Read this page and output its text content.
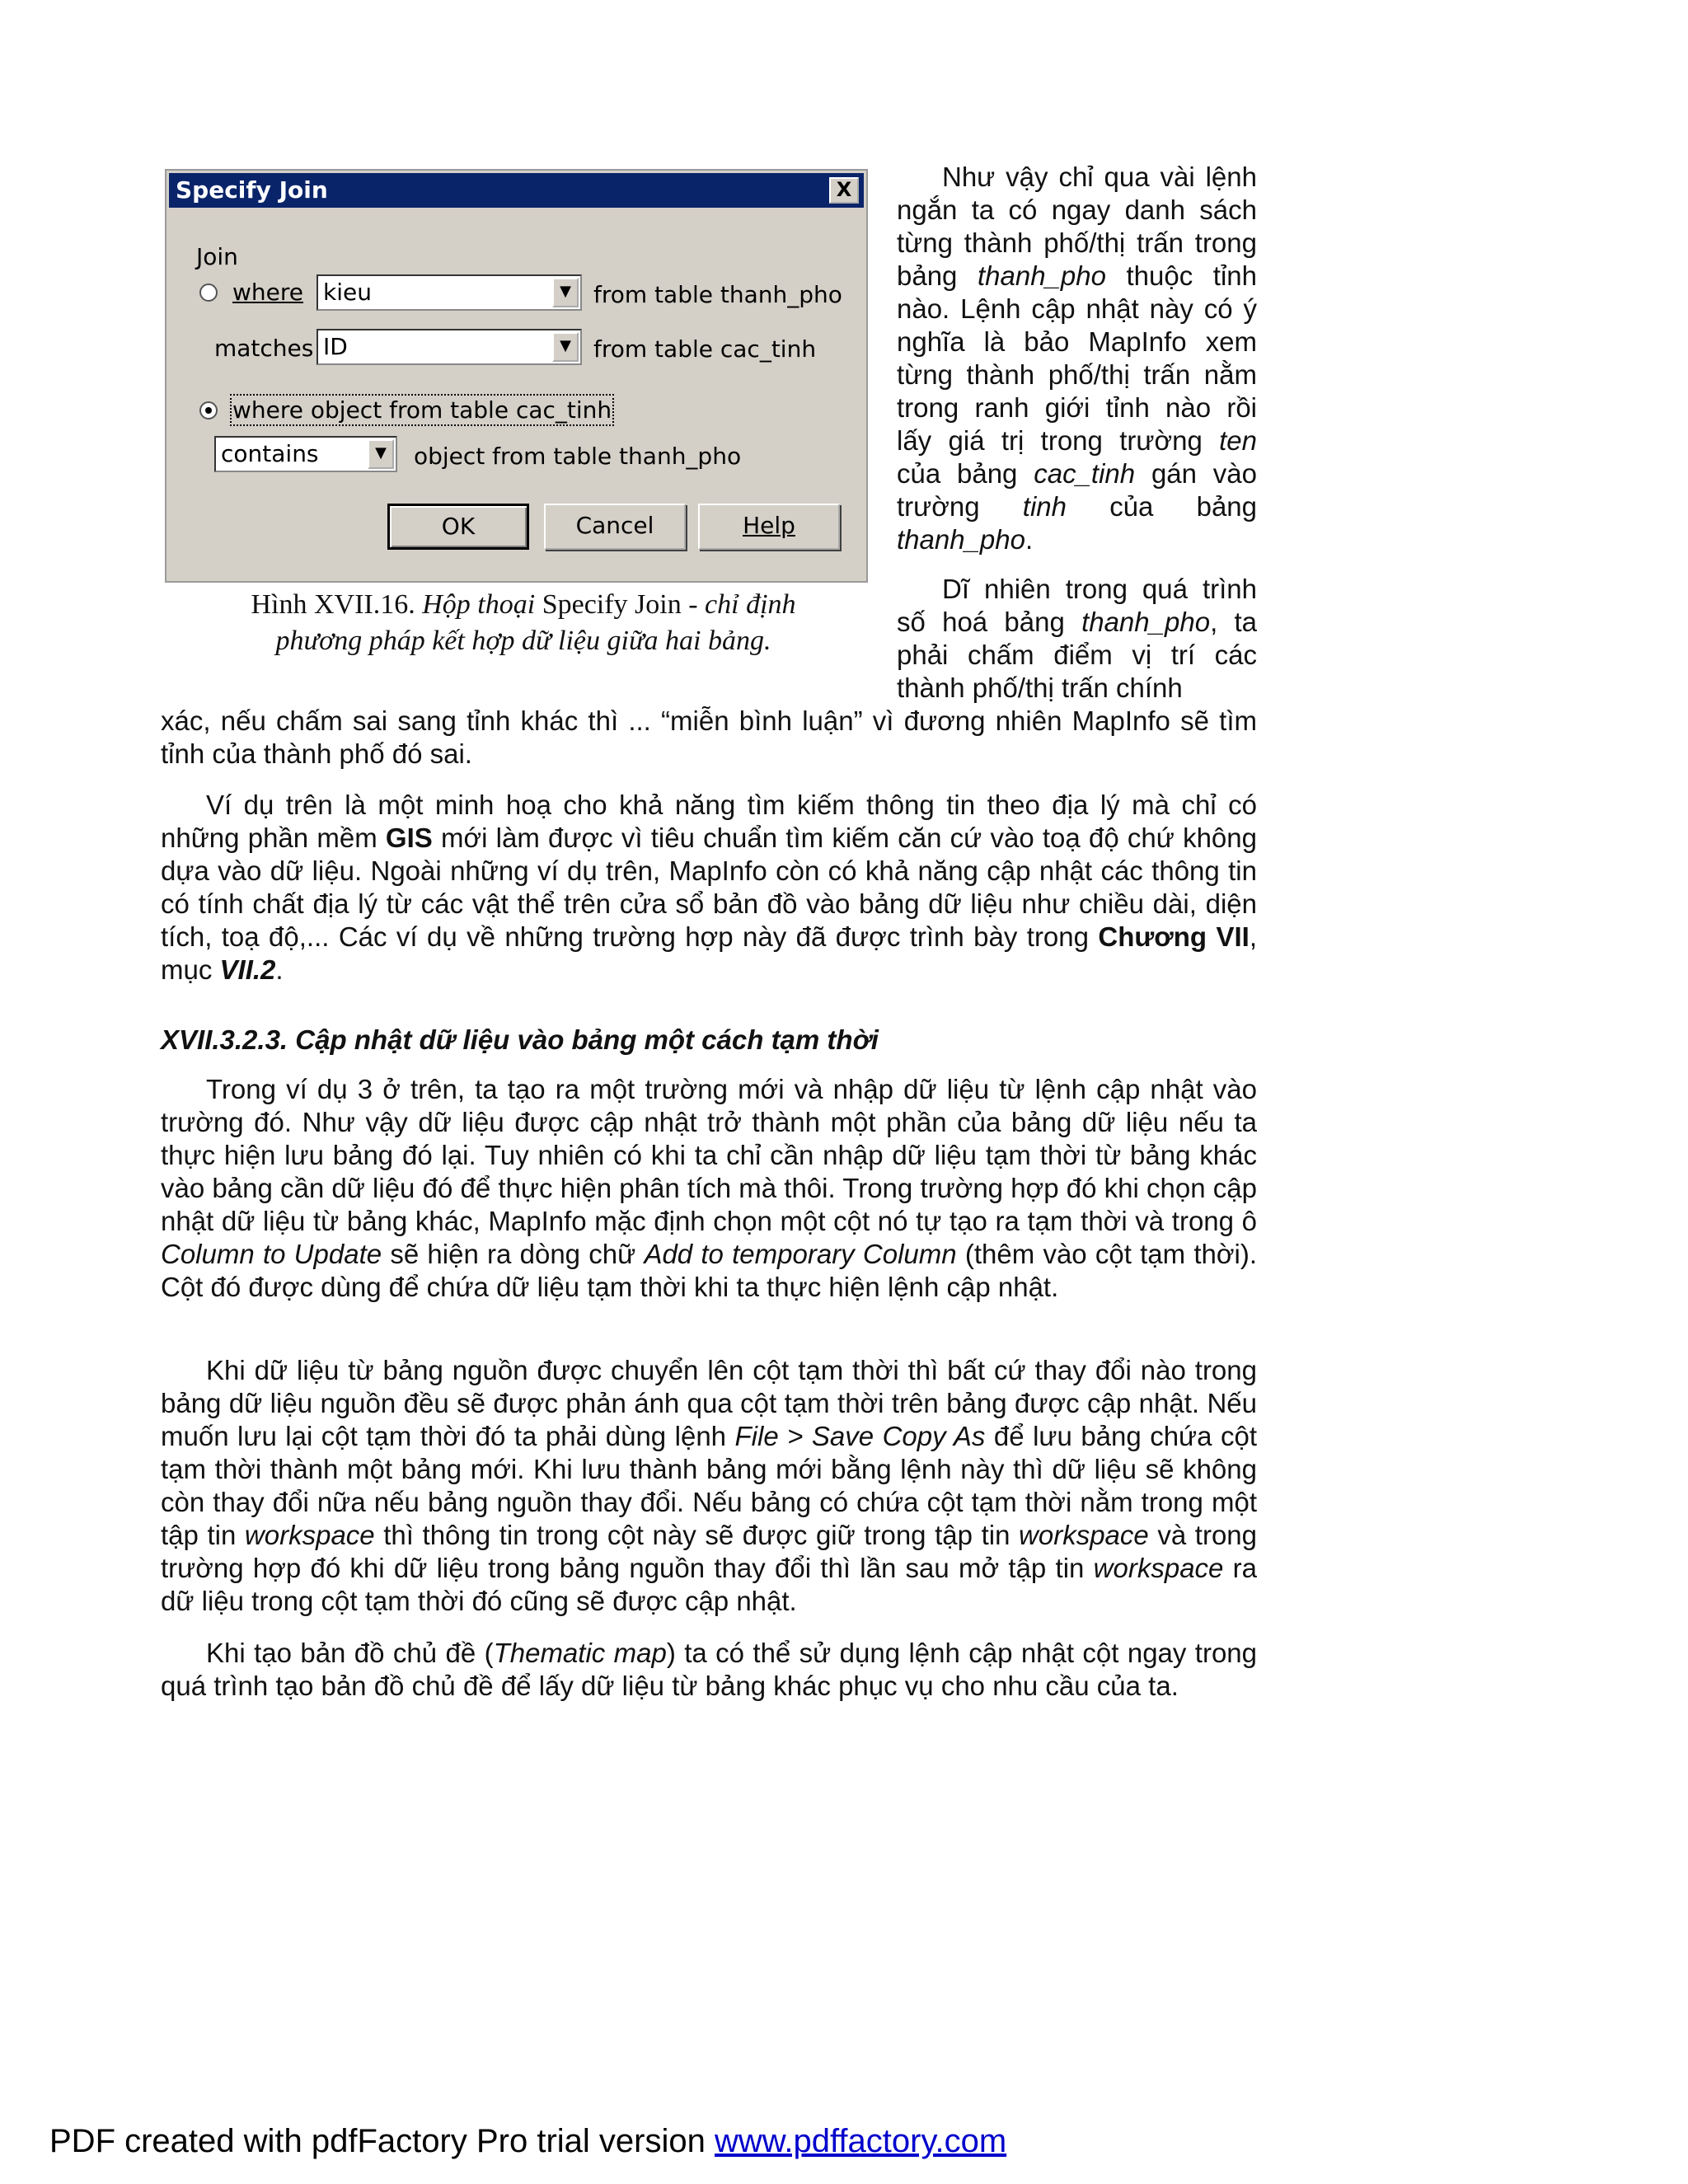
Specify Join	X
Join
where kieu	▼ from table thanh_pho
matches ID	▼ from table cac_tinh
where object from table cac_tinh
contains	▼	object from table thanh_pho
OK	Cancel	Help
Hình XVII.16. Hộp thoại Specify Join - chỉ định
phương pháp kết hợp dữ liệu giữa hai bảng.

Như vậy chỉ qua vài lệnh ngắn ta có ngay danh sách từng thành phố/thị trấn trong bảng thanh_pho thuộc tỉnh nào. Lệnh cập nhật này có ý nghĩa là bảo MapInfo xem từng thành phố/thị trấn nằm trong ranh giới tỉnh nào rồi lấy giá trị trong trường ten của bảng cac_tinh gán vào trường tinh của bảng thanh_pho.

Dĩ nhiên trong quá trình số hoá bảng thanh_pho, ta phải chấm điểm vị trí các thành phố/thị trấn chính

xác, nếu chấm sai sang tỉnh khác thì ... “miễn bình luận” vì đương nhiên MapInfo sẽ tìm tỉnh của thành phố đó sai.

Ví dụ trên là một minh hoạ cho khả năng tìm kiếm thông tin theo địa lý mà chỉ có những phần mềm GIS mới làm được vì tiêu chuẩn tìm kiếm căn cứ vào toạ độ chứ không dựa vào dữ liệu. Ngoài những ví dụ trên, MapInfo còn có khả năng cập nhật các thông tin có tính chất địa lý từ các vật thể trên cửa sổ bản đồ vào bảng dữ liệu như chiều dài, diện tích, toạ độ,... Các ví dụ về những trường hợp này đã được trình bày trong Chương VII, mục VII.2.

XVII.3.2.3. Cập nhật dữ liệu vào bảng một cách tạm thời

Trong ví dụ 3 ở trên, ta tạo ra một trường mới và nhập dữ liệu từ lệnh cập nhật vào trường đó. Như vậy dữ liệu được cập nhật trở thành một phần của bảng dữ liệu nếu ta thực hiện lưu bảng đó lại. Tuy nhiên có khi ta chỉ cần nhập dữ liệu tạm thời từ bảng khác vào bảng cần dữ liệu đó để thực hiện phân tích mà thôi. Trong trường hợp đó khi chọn cập nhật dữ liệu từ bảng khác, MapInfo mặc định chọn một cột nó tự tạo ra tạm thời và trong ô Column to Update sẽ hiện ra dòng chữ Add to temporary Column (thêm vào cột tạm thời). Cột đó được dùng để chứa dữ liệu tạm thời khi ta thực hiện lệnh cập nhật.

Khi dữ liệu từ bảng nguồn được chuyển lên cột tạm thời thì bất cứ thay đổi nào trong bảng dữ liệu nguồn đều sẽ được phản ánh qua cột tạm thời trên bảng được cập nhật. Nếu muốn lưu lại cột tạm thời đó ta phải dùng lệnh File > Save Copy As để lưu bảng chứa cột tạm thời thành một bảng mới. Khi lưu thành bảng mới bằng lệnh này thì dữ liệu sẽ không còn thay đổi nữa nếu bảng nguồn thay đổi. Nếu bảng có chứa cột tạm thời nằm trong một tập tin workspace thì thông tin trong cột này sẽ được giữ trong tập tin workspace và trong trường hợp đó khi dữ liệu trong bảng nguồn thay đổi thì lần sau mở tập tin workspace ra dữ liệu trong cột tạm thời đó cũng sẽ được cập nhật.

Khi tạo bản đồ chủ đề (Thematic map) ta có thể sử dụng lệnh cập nhật cột ngay trong quá trình tạo bản đồ chủ đề để lấy dữ liệu từ bảng khác phục vụ cho nhu cầu của ta.

PDF created with pdfFactory Pro trial version www.pdffactory.com
